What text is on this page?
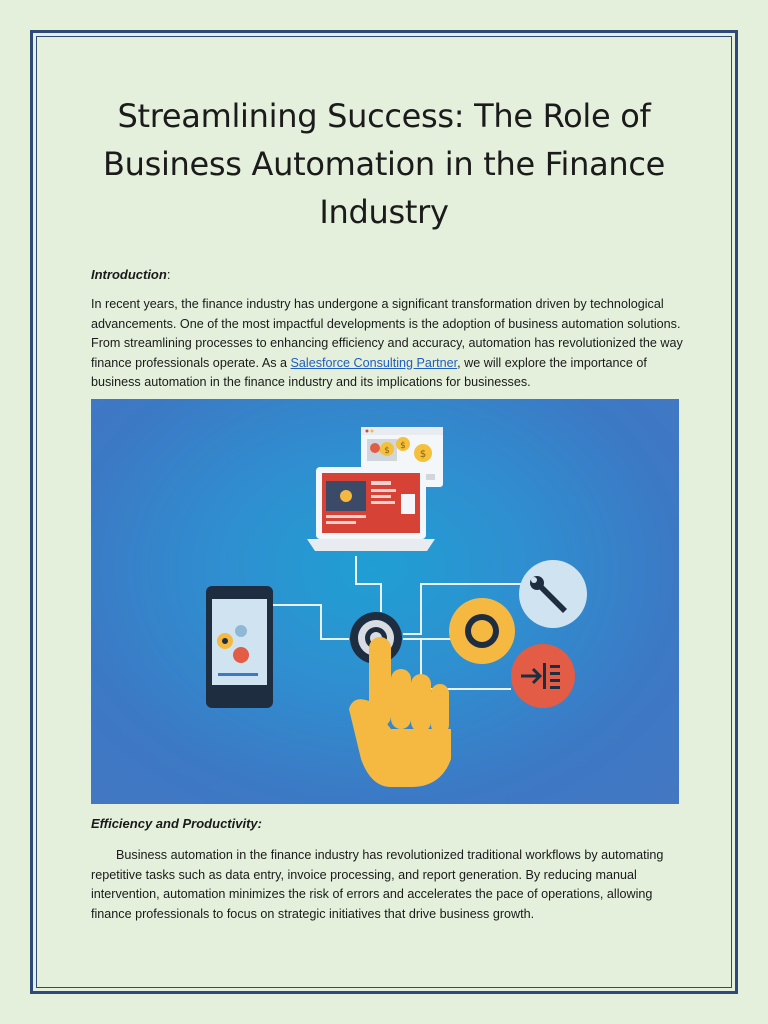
Streamlining Success: The Role of Business Automation in the Finance Industry
Introduction:
In recent years, the finance industry has undergone a significant transformation driven by technological advancements. One of the most impactful developments is the adoption of business automation solutions. From streamlining processes to enhancing efficiency and accuracy, automation has revolutionized the way finance professionals operate. As a Salesforce Consulting Partner, we will explore the importance of business automation in the finance industry and its implications for businesses.
$ $
$
Efficiency and Productivity:
Business automation in the finance industry has revolutionized traditional workflows by automating repetitive tasks such as data entry, invoice processing, and report generation. By reducing manual intervention, automation minimizes the risk of errors and accelerates the pace of operations, allowing finance professionals to focus on strategic initiatives that drive business growth.
